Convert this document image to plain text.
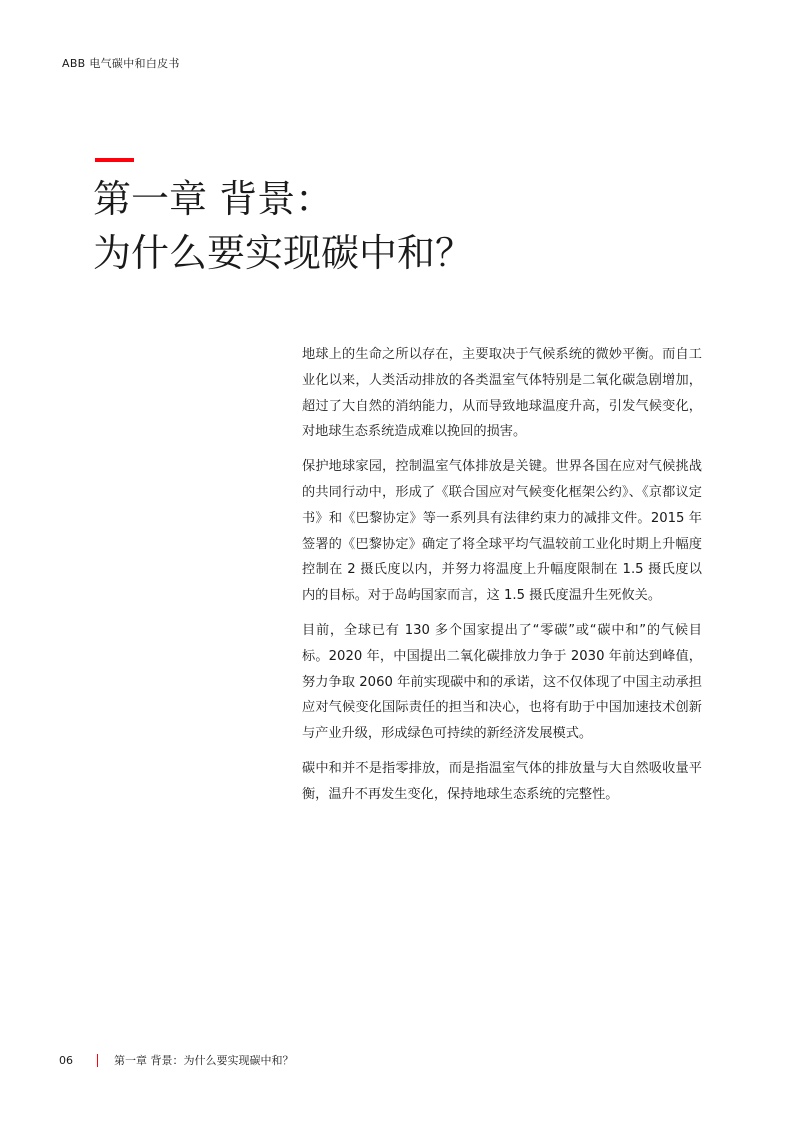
ABB 电气碳中和白皮书
第一章 背景：
为什么要实现碳中和？

地球上的生命之所以存在，主要取决于气候系统的微妙平衡。而自工业化以来，人类活动排放的各类温室气体特别是二氧化碳急剧增加，超过了大自然的消纳能力，从而导致地球温度升高，引发气候变化，对地球生态系统造成难以挽回的损害。

保护地球家园，控制温室气体排放是关键。世界各国在应对气候挑战的共同行动中，形成了《联合国应对气候变化框架公约》、《京都议定书》和《巴黎协定》等一系列具有法律约束力的减排文件。2015 年签署的《巴黎协定》确定了将全球平均气温较前工业化时期上升幅度控制在 2 摄氏度以内，并努力将温度上升幅度限制在 1.5 摄氏度以内的目标。对于岛屿国家而言，这 1.5 摄氏度温升生死攸关。

目前，全球已有 130 多个国家提出了“零碳”或“碳中和”的气候目标。2020 年，中国提出二氧化碳排放力争于 2030 年前达到峰值，努力争取 2060 年前实现碳中和的承诺，这不仅体现了中国主动承担应对气候变化国际责任的担当和决心，也将有助于中国加速技术创新与产业升级，形成绿色可持续的新经济发展模式。

碳中和并不是指零排放，而是指温室气体的排放量与大自然吸收量平衡，温升不再发生变化，保持地球生态系统的完整性。

06	第一章 背景：为什么要实现碳中和？
